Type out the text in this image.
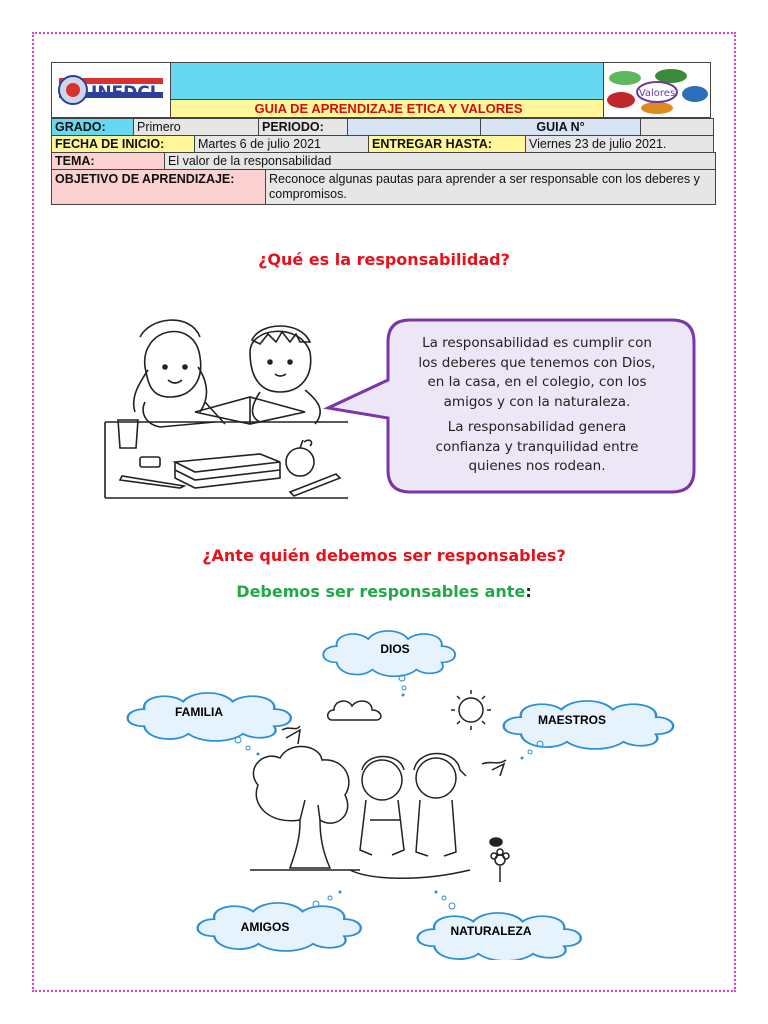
INEDCI
GUIA DE APRENDIZAJE ETICA Y VALORES
Valores
GRADO:	Primero	PERIODO:	GUIA N°
FECHA DE INICIO:	Martes 6 de julio 2021	ENTREGAR HASTA:	Viernes 23 de julio 2021.
TEMA:	El valor de la responsabilidad
OBJETIVO DE APRENDIZAJE:	Reconoce algunas pautas para aprender a ser responsable con los deberes y
compromisos.
¿Qué es la responsabilidad?
La responsabilidad es cumplir con
los deberes que tenemos con Dios,
en la casa, en el colegio, con los
amigos y con la naturaleza.
La responsabilidad genera
confianza y tranquilidad entre
quienes nos rodean.
¿Ante quién debemos ser responsables?
Debemos ser responsables ante:
DIOS
FAMILIA
MAESTROS
AMIGOS	NATURALEZA
